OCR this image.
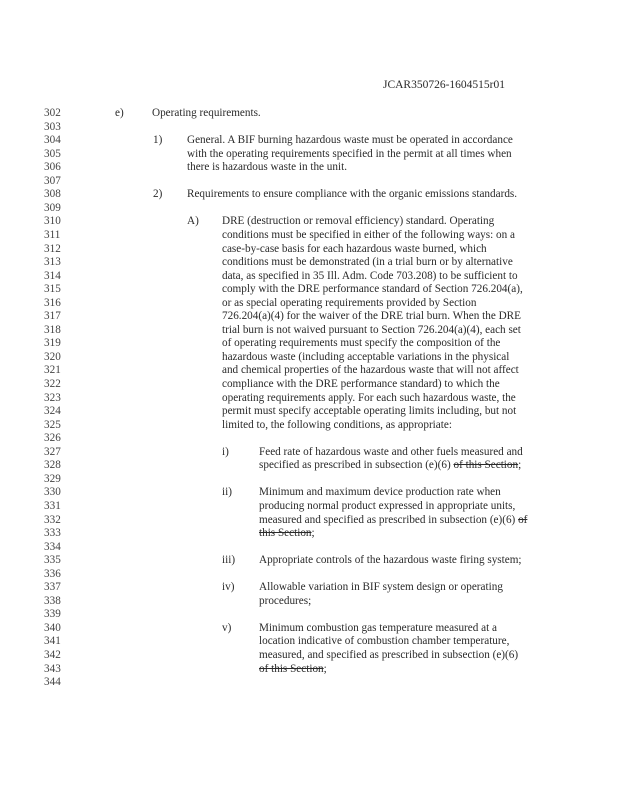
JCAR350726-1604515r01
302	e)	Operating requirements.
303
304	1) General. A BIF burning hazardous waste must be operated in accordance
305	with the operating requirements specified in the permit at all times when
306	there is hazardous waste in the unit.
307
308	2) Requirements to ensure compliance with the organic emissions standards.
309
310	A) DRE (destruction or removal efficiency) standard. Operating
311	conditions must be specified in either of the following ways: on a
312	case-by-case basis for each hazardous waste burned, which
313	conditions must be demonstrated (in a trial burn or by alternative
314	data, as specified in 35 Ill. Adm. Code 703.208) to be sufficient to
315	comply with the DRE performance standard of Section 726.204(a),
316	or as special operating requirements provided by Section
317	726.204(a)(4) for the waiver of the DRE trial burn. When the DRE
318	trial burn is not waived pursuant to Section 726.204(a)(4), each set
319	of operating requirements must specify the composition of the
320	hazardous waste (including acceptable variations in the physical
321	and chemical properties of the hazardous waste that will not affect
322	compliance with the DRE performance standard) to which the
323	operating requirements apply. For each such hazardous waste, the
324	permit must specify acceptable operating limits including, but not
325	limited to, the following conditions, as appropriate:
326
327	i)	Feed rate of hazardous waste and other fuels measured and
328	specified as prescribed in subsection (e)(6) of this Section;
329
330	ii) Minimum and maximum device production rate when
331	producing normal product expressed in appropriate units,
332	measured and specified as prescribed in subsection (e)(6) of
333	this Section;
334
335	iii) Appropriate controls of the hazardous waste firing system;
336
337	iv) Allowable variation in BIF system design or operating
338	procedures;
339
340	v) Minimum combustion gas temperature measured at a
341	location indicative of combustion chamber temperature,
342	measured, and specified as prescribed in subsection (e)(6)
343	of this Section;
344
